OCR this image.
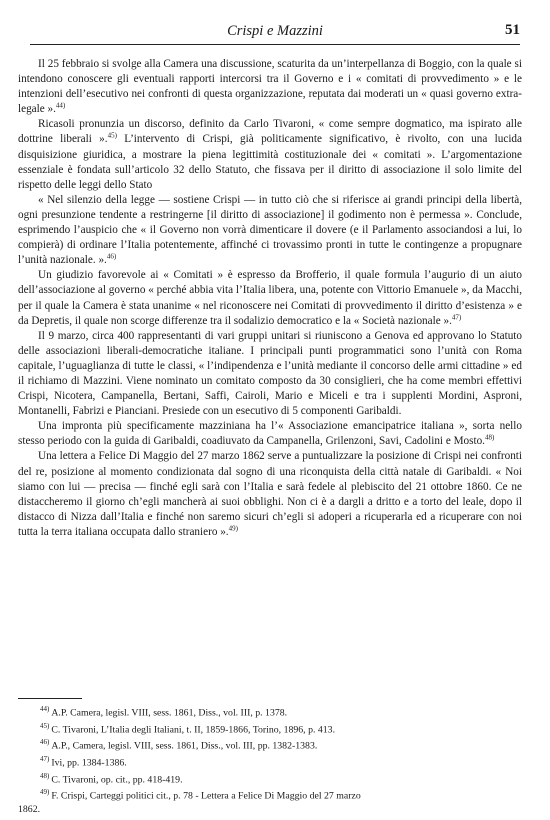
Crispi e Mazzini	51

Il 25 febbraio si svolge alla Camera una discussione, scaturita da un’interpellanza di Boggio, con la quale si intendono conoscere gli eventuali rapporti intercorsi tra il Governo e i « comitati di provvedimento » e le intenzioni dell’esecutivo nei confronti di questa organizzazione, reputata dai moderati un « quasi governo extra-legale ».$^{44)}$

Ricasoli pronunzia un discorso, definito da Carlo Tivaroni, « come sempre dogmatico, ma ispirato alle dottrine liberali ».$^{45)}$ L’intervento di Crispi, già politicamente significativo, è rivolto, con una lucida disquisizione giuridica, a mostrare la piena legittimità costituzionale dei « comitati ». L’argomentazione essenziale è fondata sull’articolo 32 dello Statuto, che fissava per il diritto di associazione il solo limite del rispetto delle leggi dello Stato

« Nel silenzio della legge — sostiene Crispi — in tutto ciò che si riferisce ai grandi principi della libertà, ogni presunzione tendente a restringerne [il diritto di associazione] il godimento non è permessa ». Conclude, esprimendo l’auspicio che « il Governo non vorrà dimenticare il dovere (e il Parlamento associandosi a lui, lo compierà) di ordinare l’Italia potentemente, affinché ci trovassimo pronti in tutte le contingenze a propugnare l’unità nazionale. ».$^{46)}$

Un giudizio favorevole ai « Comitati » è espresso da Brofferio, il quale formula l’augurio di un aiuto dell’associazione al governo « perché abbia vita l’Italia libera, una, potente con Vittorio Emanuele », da Macchi, per il quale la Camera è stata unanime « nel riconoscere nei Comitati di provvedimento il diritto d’esistenza » e da Depretis, il quale non scorge differenze tra il sodalizio democratico e la « Società nazionale ».$^{47)}$

Il 9 marzo, circa 400 rappresentanti di vari gruppi unitari si riuniscono a Genova ed approvano lo Statuto delle associazioni liberali-democratiche italiane. I principali punti programmatici sono l’unità con Roma capitale, l’uguaglianza di tutte le classi, « l’indipendenza e l’unità mediante il concorso delle armi cittadine » ed il richiamo di Mazzini. Viene nominato un comitato composto da 30 consiglieri, che ha come membri effettivi Crispi, Nicotera, Campanella, Bertani, Saffi, Cairoli, Mario e Miceli e tra i supplenti Mordini, Asproni, Montanelli, Fabrizi e Pianciani. Presiede con un esecutivo di 5 componenti Garibaldi.

Una impronta più specificamente mazziniana ha l’« Associazione emancipatrice italiana », sorta nello stesso periodo con la guida di Garibaldi, coadiuvato da Campanella, Grilenzoni, Savi, Cadolini e Mosto.$^{48)}$

Una lettera a Felice Di Maggio del 27 marzo 1862 serve a puntualizzare la posizione di Crispi nei confronti del re, posizione al momento condizionata dal sogno di una riconquista della città natale di Garibaldi. « Noi siamo con lui — precisa — finché egli sarà con l’Italia e sarà fedele al plebiscito del 21 ottobre 1860. Ce ne distaccheremo il giorno ch’egli mancherà ai suoi obblighi. Non ci è a dargli a dritto e a torto del leale, dopo il distacco di Nizza dall’Italia e finché non saremo sicuri ch’egli si adoperi a ricuperarla ed a ricuperare con noi tutta la terra italiana occupata dallo straniero ».$^{49)}$

$^{44)}$ A.P. Camera, legisl. VIII, sess. 1861, Diss., vol. III, p. 1378.
$^{45)}$ C. Tivaroni, L’Italia degli Italiani, t. II, 1859-1866, Torino, 1896, p. 413.
$^{46)}$ A.P., Camera, legisl. VIII, sess. 1861, Diss., vol. III, pp. 1382-1383.
$^{47)}$ Ivi, pp. 1384-1386.
$^{48)}$ C. Tivaroni, op. cit., pp. 418-419.
$^{49)}$ F. Crispi, Carteggi politici cit., p. 78 - Lettera a Felice Di Maggio del 27 marzo
1862.
